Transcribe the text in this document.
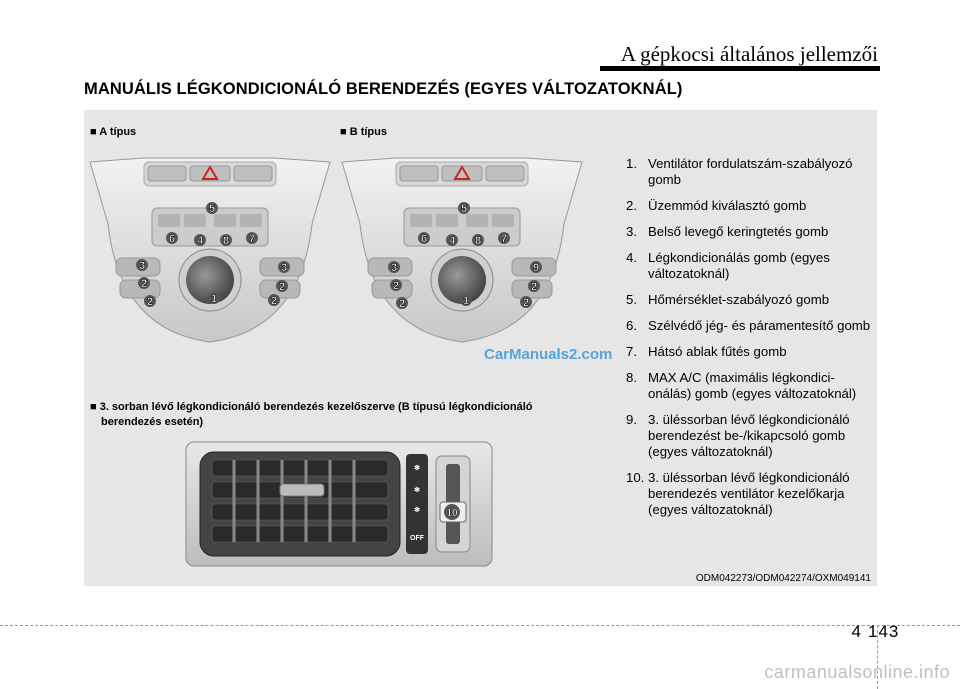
A gépkocsi általános jellemzői
MANUÁLIS LÉGKONDICIONÁLÓ BERENDEZÉS (EGYES VÁLTOZATOKNÁL)
■ A típus	■ B típus
5
6 4 8 7
3	3
2
2
2
2
1
5
6 4 8 7
3	9
2
2
2
2
1
CarManuals2.com
■ 3. sorban lévő légkondicionáló berendezés kezelőszerve (B típusú légkondicionáló
berendezés esetén)
✻
✻
✻
OFF
10
ODM042273/ODM042274/OXM049141
1. Ventilátor fordulatszám-szabályozó gomb
2. Üzemmód kiválasztó gomb
3. Belső levegő keringtetés gomb
4. Légkondicionálás gomb (egyes változatoknál)
5. Hőmérséklet-szabályozó gomb
6. Szélvédő jég- és páramentesítő gomb
7. Hátsó ablak fűtés gomb
8. MAX A/C (maximális légkondicionálás) gomb (egyes változatoknál)
9. 3. üléssorban lévő légkondicionáló berendezést be-/kikapcsoló gomb (egyes változatoknál)
10. 3. üléssorban lévő légkondicionáló berendezés ventilátor kezelőkarja (egyes változatoknál)
4 143
carmanualsonline.info
